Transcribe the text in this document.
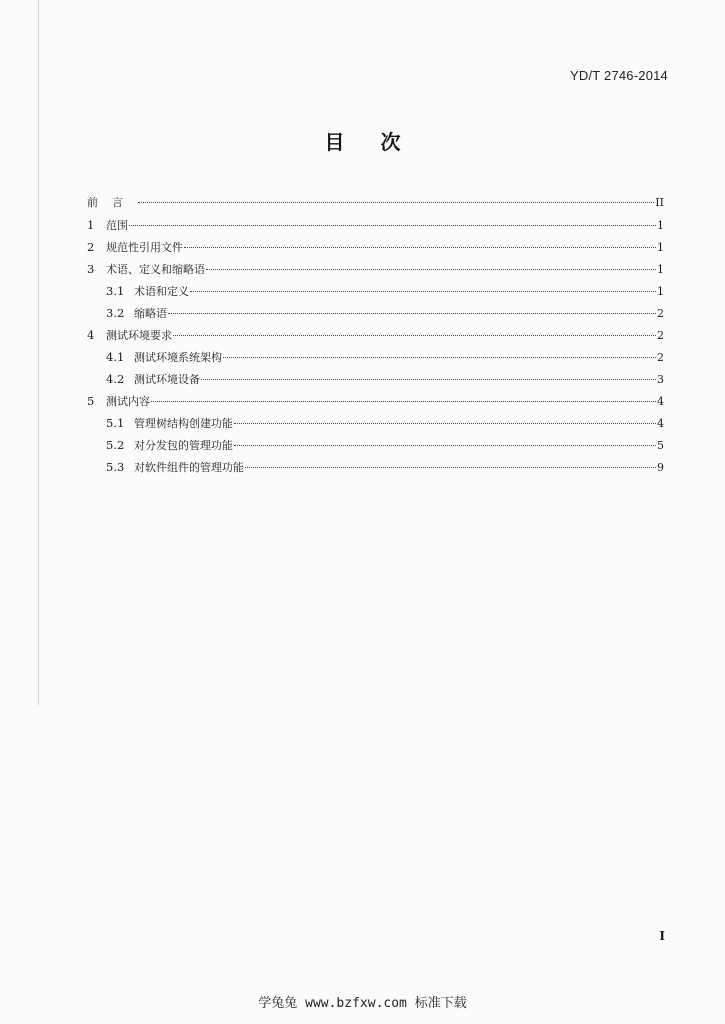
YD/T 2746-2014
目次
前言	II
1	范围	1
2	规范性引用文件	1
3	术语、定义和缩略语	1
3.1 术语和定义	1
3.2 缩略语	2
4	测试环境要求	2
4.1 测试环境系统架构	2
4.2 测试环境设备	3
5	测试内容	4
5.1 管理树结构创建功能	4
5.2 对分发包的管理功能	5
5.3 对软件组件的管理功能	9
I
学兔兔 www.bzfxw.com 标准下载
